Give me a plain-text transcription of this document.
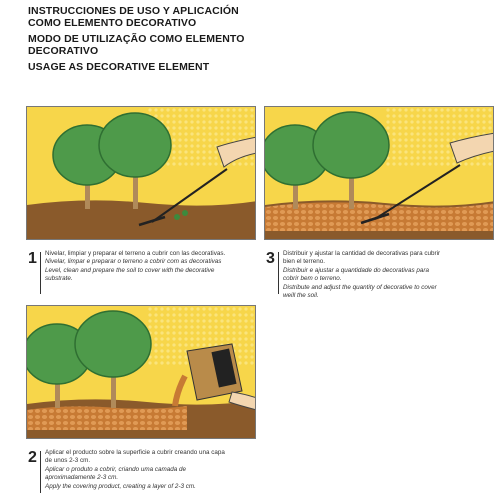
INSTRUCCIONES DE USO Y APLICACIÓN
COMO ELEMENTO DECORATIVO
MODO DE UTILIZAÇÃO COMO ELEMENTO
DECORATIVO
USAGE AS DECORATIVE ELEMENT
1 Nivelar, limpiar y preparar el terreno a cubrir con las decorativas.
Nivelar, limpar e preparar o terreno a cobrir com as decorativas
Level, clean and prepare the soil to cover with the decorative
substrate.
3 Distribuir y ajustar la cantidad de decorativas para cubrir
bien el terreno.
Distribuir e ajustar a quantidade do decorativas para
cobrir bem o terreno.
Distribute and adjust the quantity of decorative to cover
weill the soil.
2 Aplicar el producto sobre la superficie a cubrir creando una capa
de unos 2-3 cm.
Aplicar o produto a cobrir, criando uma camada de
aproximadamente 2-3 cm.
Apply the covering product, creating a layer of 2-3 cm.
